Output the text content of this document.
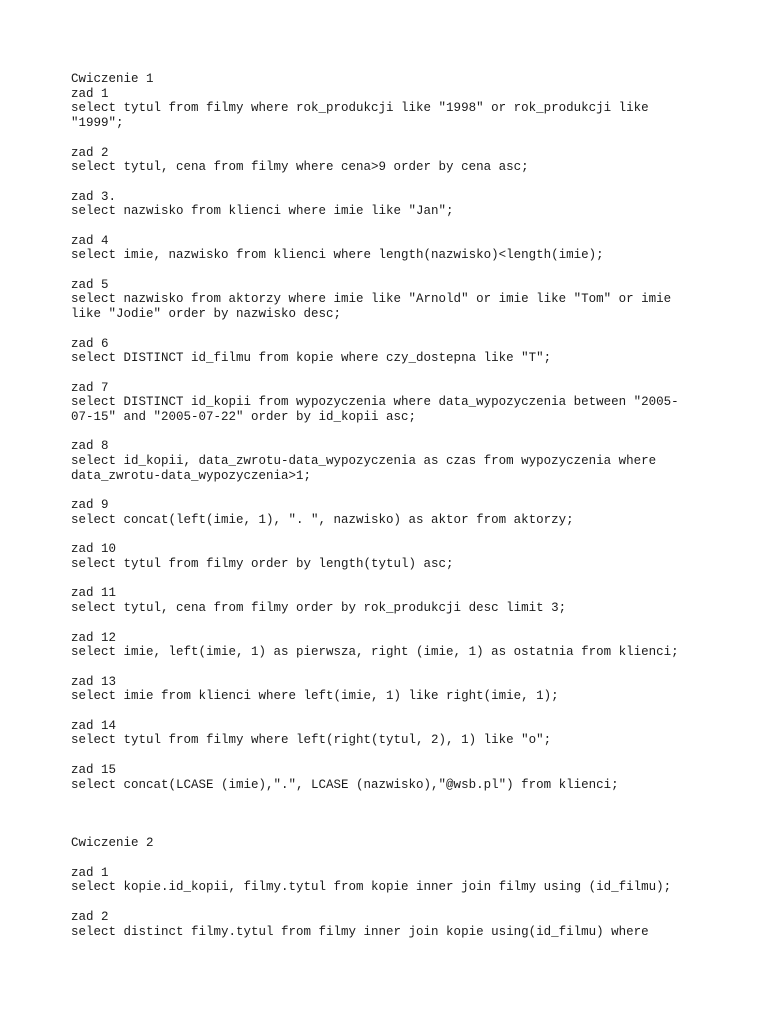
Cwiczenie 1
zad 1
select tytul from filmy where rok_produkcji like "1998" or rok_produkcji like
"1999";
zad 2
select tytul, cena from filmy where cena>9 order by cena asc;
zad 3.
select nazwisko from klienci where imie like "Jan";
zad 4
select imie, nazwisko from klienci where length(nazwisko)<length(imie);
zad 5
select nazwisko from aktorzy where imie like "Arnold" or imie like "Tom" or imie
like "Jodie" order by nazwisko desc;
zad 6
select DISTINCT id_filmu from kopie where czy_dostepna like "T";
zad 7
select DISTINCT id_kopii from wypozyczenia where data_wypozyczenia between "2005-
07-15" and "2005-07-22" order by id_kopii asc;
zad 8
select id_kopii, data_zwrotu-data_wypozyczenia as czas from wypozyczenia where
data_zwrotu-data_wypozyczenia>1;
zad 9
select concat(left(imie, 1), ". ", nazwisko) as aktor from aktorzy;
zad 10
select tytul from filmy order by length(tytul) asc;
zad 11
select tytul, cena from filmy order by rok_produkcji desc limit 3;
zad 12
select imie, left(imie, 1) as pierwsza, right (imie, 1) as ostatnia from klienci;
zad 13
select imie from klienci where left(imie, 1) like right(imie, 1);
zad 14
select tytul from filmy where left(right(tytul, 2), 1) like "o";
zad 15
select concat(LCASE (imie),".", LCASE (nazwisko),"@wsb.pl") from klienci;
Cwiczenie 2
zad 1
select kopie.id_kopii, filmy.tytul from kopie inner join filmy using (id_filmu);
zad 2
select distinct filmy.tytul from filmy inner join kopie using(id_filmu) where
